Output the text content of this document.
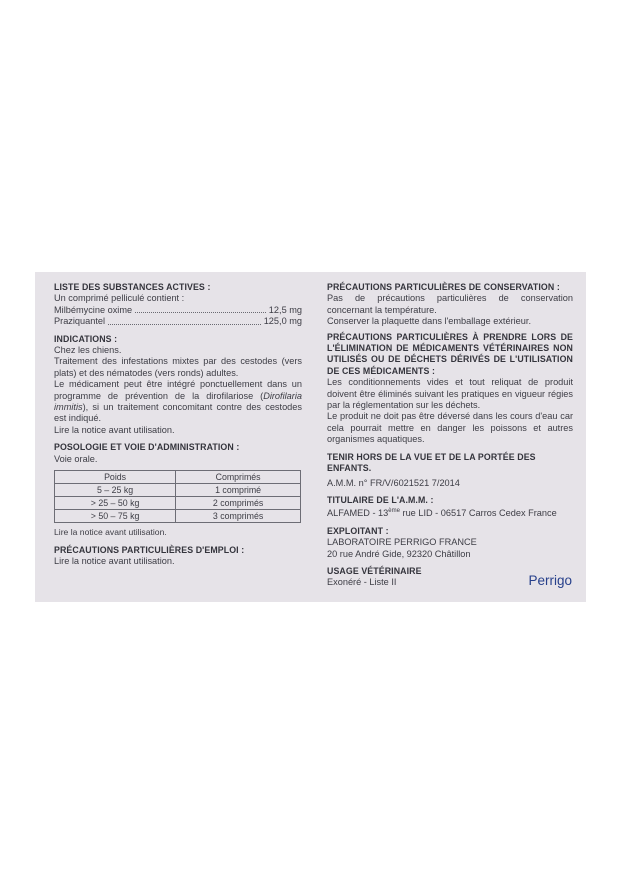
LISTE DES SUBSTANCES ACTIVES :
Un comprimé pelliculé contient :
Milbémycine oxime	12,5 mg
Praziquantel	125,0 mg
INDICATIONS :
Chez les chiens.
Traitement des infestations mixtes par des cestodes (vers plats) et des nématodes (vers ronds) adultes.
Le médicament peut être intégré ponctuellement dans un programme de prévention de la dirofilariose (Dirofilaria immitis), si un traitement concomitant contre des cestodes est indiqué.
Lire la notice avant utilisation.
POSOLOGIE ET VOIE D'ADMINISTRATION :
Voie orale.
Poids	Comprimés
5 – 25 kg	1 comprimé
> 25 – 50 kg	2 comprimés
> 50 – 75 kg	3 comprimés
Lire la notice avant utilisation.
PRÉCAUTIONS PARTICULIÈRES D'EMPLOI :
Lire la notice avant utilisation.
PRÉCAUTIONS PARTICULIÈRES DE CONSERVATION :
Pas de précautions particulières de conservation concernant la température.
Conserver la plaquette dans l'emballage extérieur.
PRÉCAUTIONS PARTICULIÈRES À PRENDRE LORS DE L'ÉLIMINATION DE MÉDICAMENTS VÉTÉRINAIRES NON UTILISÉS OU DE DÉCHETS DÉRIVÉS DE L'UTILISATION DE CES MÉDICAMENTS :
Les conditionnements vides et tout reliquat de produit doivent être éliminés suivant les pratiques en vigueur régies par la réglementation sur les déchets.
Le produit ne doit pas être déversé dans les cours d'eau car cela pourrait mettre en danger les poissons et autres organismes aquatiques.
TENIR HORS DE LA VUE ET DE LA PORTÉE DES ENFANTS.
A.M.M. n° FR/V/6021521 7/2014
TITULAIRE DE L'A.M.M. :
ALFAMED - 13ème rue LID - 06517 Carros Cedex France
EXPLOITANT :
LABORATOIRE PERRIGO FRANCE
20 rue André Gide, 92320 Châtillon
USAGE VÉTÉRINAIRE
Exonéré - Liste II	Perrigo
